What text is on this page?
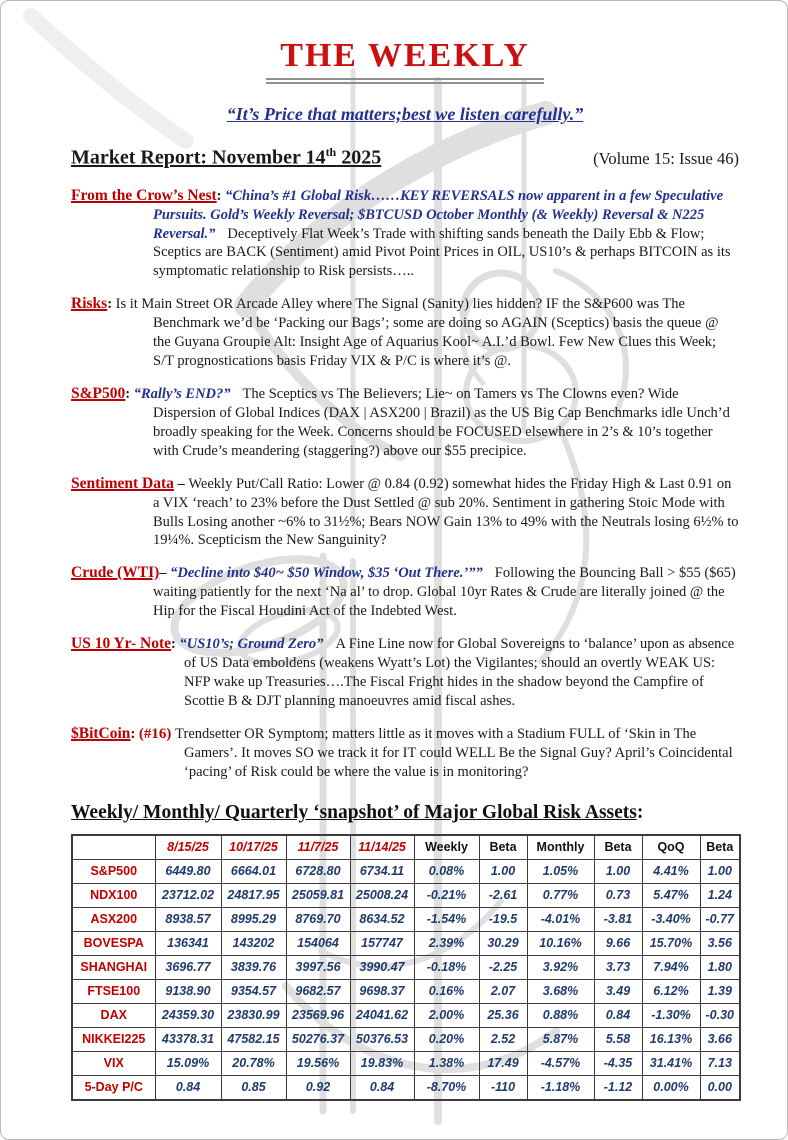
THE WEEKLY
“It’s Price that matters;best we listen carefully.”
Market Report: November 14th 2025	(Volume 15: Issue 46)

From the Crow’s Nest: “China’s #1 Global Risk……KEY REVERSALS now apparent in a few Speculative Pursuits. Gold’s Weekly Reversal; $BTCUSD October Monthly (& Weekly) Reversal & N225 Reversal.” Deceptively Flat Week’s Trade with shifting sands beneath the Daily Ebb & Flow; Sceptics are BACK (Sentiment) amid Pivot Point Prices in OIL, US10’s & perhaps BITCOIN as its symptomatic relationship to Risk persists…..

Risks: Is it Main Street OR Arcade Alley where The Signal (Sanity) lies hidden? IF the S&P600 was The Benchmark we’d be ‘Packing our Bags’; some are doing so AGAIN (Sceptics) basis the queue @ the Guyana Groupie Alt: Insight Age of Aquarius Kool~ A.I.’d Bowl. Few New Clues this Week; S/T prognostications basis Friday VIX & P/C is where it’s @.

S&P500: “Rally’s END?” The Sceptics vs The Believers; Lie~ on Tamers vs The Clowns even? Wide Dispersion of Global Indices (DAX | ASX200 | Brazil) as the US Big Cap Benchmarks idle Unch’d broadly speaking for the Week. Concerns should be FOCUSED elsewhere in 2’s & 10’s together with Crude’s meandering (staggering?) above our $55 precipice.

Sentiment Data – Weekly Put/Call Ratio: Lower @ 0.84 (0.92) somewhat hides the Friday High & Last 0.91 on a VIX ‘reach’ to 23% before the Dust Settled @ sub 20%. Sentiment in gathering Stoic Mode with Bulls Losing another ~6% to 31½%; Bears NOW Gain 13% to 49% with the Neutrals losing 6½% to 19¼%. Scepticism the New Sanguinity?

Crude (WTI)– “Decline into $40~ $50 Window, $35 ‘Out There.’”” Following the Bouncing Ball > $55 ($65) waiting patiently for the next ‘Na al’ to drop. Global 10yr Rates & Crude are literally joined @ the Hip for the Fiscal Houdini Act of the Indebted West.

US 10 Yr- Note: “US10’s; Ground Zero” A Fine Line now for Global Sovereigns to ‘balance’ upon as absence of US Data emboldens (weakens Wyatt’s Lot) the Vigilantes; should an overtly WEAK US: NFP wake up Treasuries….The Fiscal Fright hides in the shadow beyond the Campfire of Scottie B & DJT planning manoeuvres amid fiscal ashes.

$BitCoin: (#16) Trendsetter OR Symptom; matters little as it moves with a Stadium FULL of ‘Skin in The Gamers’. It moves SO we track it for IT could WELL Be the Signal Guy? April’s Coincidental ‘pacing’ of Risk could be where the value is in monitoring?

Weekly/ Monthly/ Quarterly ‘snapshot’ of Major Global Risk Assets:
	8/15/25	10/17/25	11/7/25	11/14/25	Weekly	Beta	Monthly	Beta	QoQ	Beta
S&P500	6449.80	6664.01	6728.80	6734.11	0.08%	1.00	1.05%	1.00	4.41%	1.00
NDX100	23712.02	24817.95	25059.81	25008.24	-0.21%	-2.61	0.77%	0.73	5.47%	1.24
ASX200	8938.57	8995.29	8769.70	8634.52	-1.54%	-19.5	-4.01%	-3.81	-3.40%	-0.77
BOVESPA	136341	143202	154064	157747	2.39%	30.29	10.16%	9.66	15.70%	3.56
SHANGHAI	3696.77	3839.76	3997.56	3990.47	-0.18%	-2.25	3.92%	3.73	7.94%	1.80
FTSE100	9138.90	9354.57	9682.57	9698.37	0.16%	2.07	3.68%	3.49	6.12%	1.39
DAX	24359.30	23830.99	23569.96	24041.62	2.00%	25.36	0.88%	0.84	-1.30%	-0.30
NIKKEI225	43378.31	47582.15	50276.37	50376.53	0.20%	2.52	5.87%	5.58	16.13%	3.66
VIX	15.09%	20.78%	19.56%	19.83%	1.38%	17.49	-4.57%	-4.35	31.41%	7.13
5-Day P/C	0.84	0.85	0.92	0.84	-8.70%	-110	-1.18%	-1.12	0.00%	0.00
